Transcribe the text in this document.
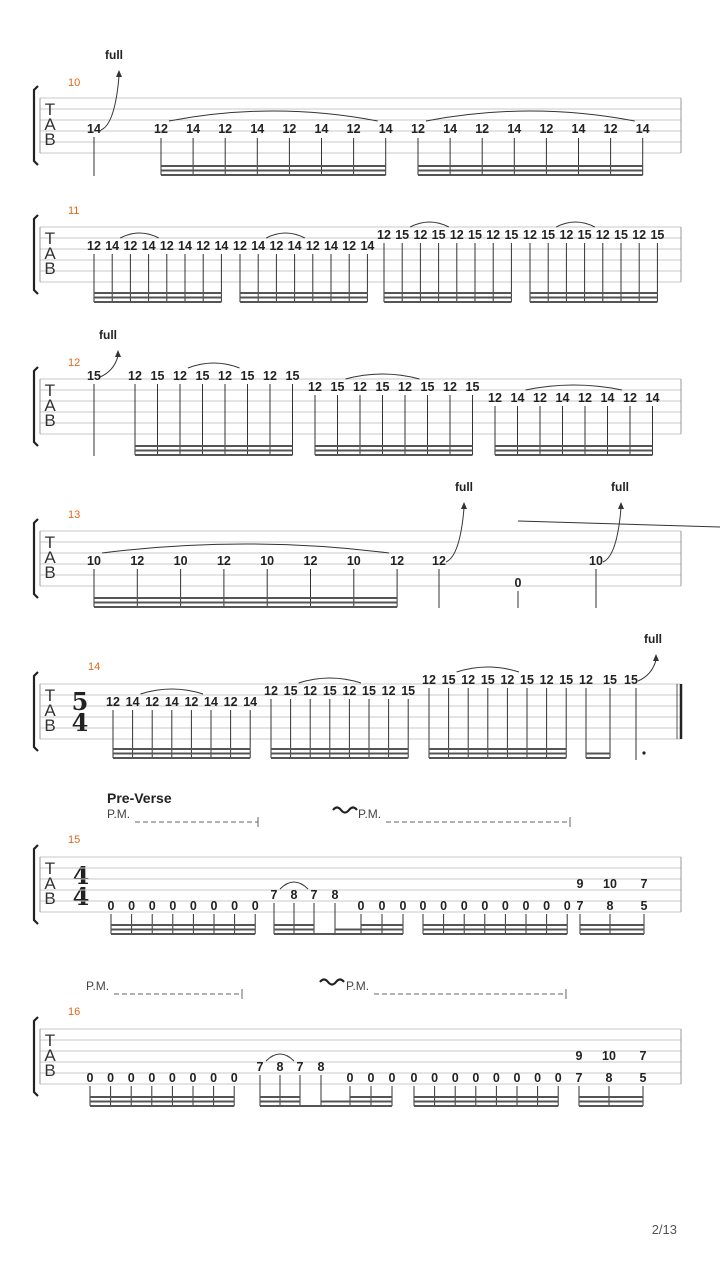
T
A
B
10
14
full
12 14 12 14 12 14 12 14 12 14 12 14 12 14 12 14
T
A
B
11
12 14 12 14 12 14 12 14 12 14 12 14 12 14 12 14
12 15 12 15 12 15 12 15 12 15 12 15 12 15 12 15
T
A
B
12
15
full
12 15 12 15 12 15 12 15
12 15 12 15 12 15 12 15
12 14 12 14 12 14 12 14
T
A
B
13
10 12 10 12 10 12 10 12 12
full
0
10
full
T
A
B
14
5
4
12 14 12 14 12 14 12 14
12 15 12 15 12 15 12 15
12 15 12 15 12 15 12 15 12 15 15
full
Pre-Verse
4
4
T
A
B
15
0 0 0 0 0 0 0 0
7 8 7 8
0 0 0 0 0 0 0 0 0 0 0
9 10 7
7 8 5
P.M.	P.M.
T
A
B
16
0 0 0 0 0 0 0 0
7 8 7 8
0 0 0 0 0 0 0 0 0 0 0
9 10 7
7 8 5
P.M.	P.M.
2/13
